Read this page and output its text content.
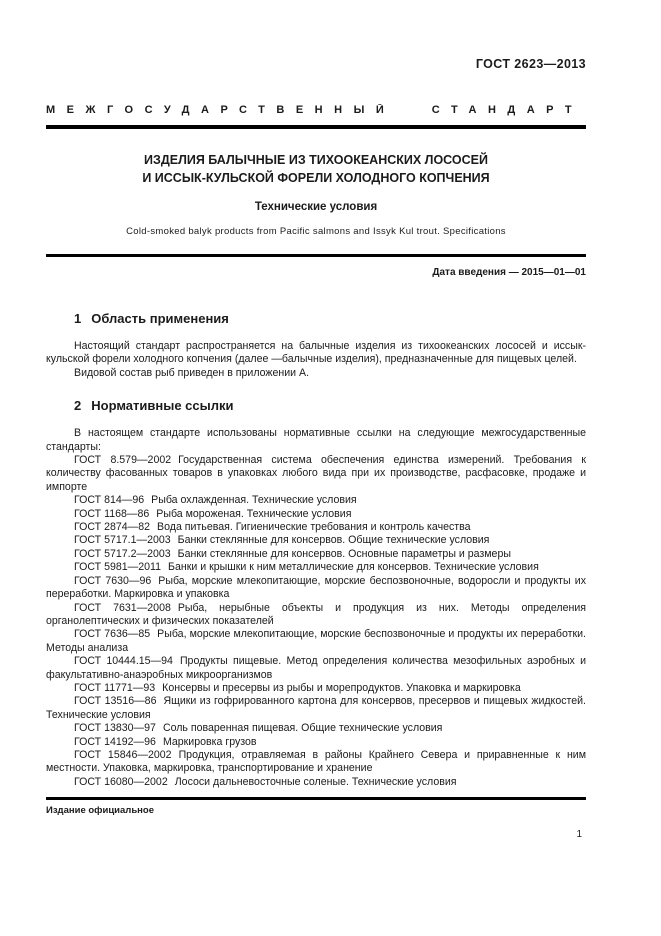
ГОСТ 2623—2013
МЕЖГОСУДАРСТВЕННЫЙ СТАНДАРТ
ИЗДЕЛИЯ БАЛЫЧНЫЕ ИЗ ТИХООКЕАНСКИХ ЛОСОСЕЙ
И ИССЫК-КУЛЬСКОЙ ФОРЕЛИ ХОЛОДНОГО КОПЧЕНИЯ
Технические условия
Cold-smoked balyk products from Pacific salmons and Issyk Kul trout. Specifications
Дата введения — 2015—01—01
1 Область применения

Настоящий стандарт распространяется на балычные изделия из тихоокеанских лососей и иссык-кульской форели холодного копчения (далее —балычные изделия), предназначенные для пищевых целей.

Видовой состав рыб приведен в приложении А.

2 Нормативные ссылки

В настоящем стандарте использованы нормативные ссылки на следующие межгосударственные стандарты:

ГОСТ 8.579—2002 Государственная система обеспечения единства измерений. Требования к количеству фасованных товаров в упаковках любого вида при их производстве, расфасовке, продаже и импорте

ГОСТ 814—96 Рыба охлажденная. Технические условия

ГОСТ 1168—86 Рыба мороженая. Технические условия

ГОСТ 2874—82 Вода питьевая. Гигиенические требования и контроль качества

ГОСТ 5717.1—2003 Банки стеклянные для консервов. Общие технические условия

ГОСТ 5717.2—2003 Банки стеклянные для консервов. Основные параметры и размеры

ГОСТ 5981—2011 Банки и крышки к ним металлические для консервов. Технические условия

ГОСТ 7630—96 Рыба, морские млекопитающие, морские беспозвоночные, водоросли и продукты их переработки. Маркировка и упаковка

ГОСТ 7631—2008 Рыба, нерыбные объекты и продукция из них. Методы определения органолептических и физических показателей

ГОСТ 7636—85 Рыба, морские млекопитающие, морские беспозвоночные и продукты их переработки. Методы анализа

ГОСТ 10444.15—94 Продукты пищевые. Метод определения количества мезофильных аэробных и факультативно-анаэробных микроорганизмов

ГОСТ 11771—93 Консервы и пресервы из рыбы и морепродуктов. Упаковка и маркировка

ГОСТ 13516—86 Ящики из гофрированного картона для консервов, пресервов и пищевых жидкостей. Технические условия

ГОСТ 13830—97 Соль поваренная пищевая. Общие технические условия

ГОСТ 14192—96 Маркировка грузов

ГОСТ 15846—2002 Продукция, отравляемая в районы Крайнего Севера и приравненные к ним местности. Упаковка, маркировка, транспортирование и хранение

ГОСТ 16080—2002 Лососи дальневосточные соленые. Технические условия

Издание официальное
1
